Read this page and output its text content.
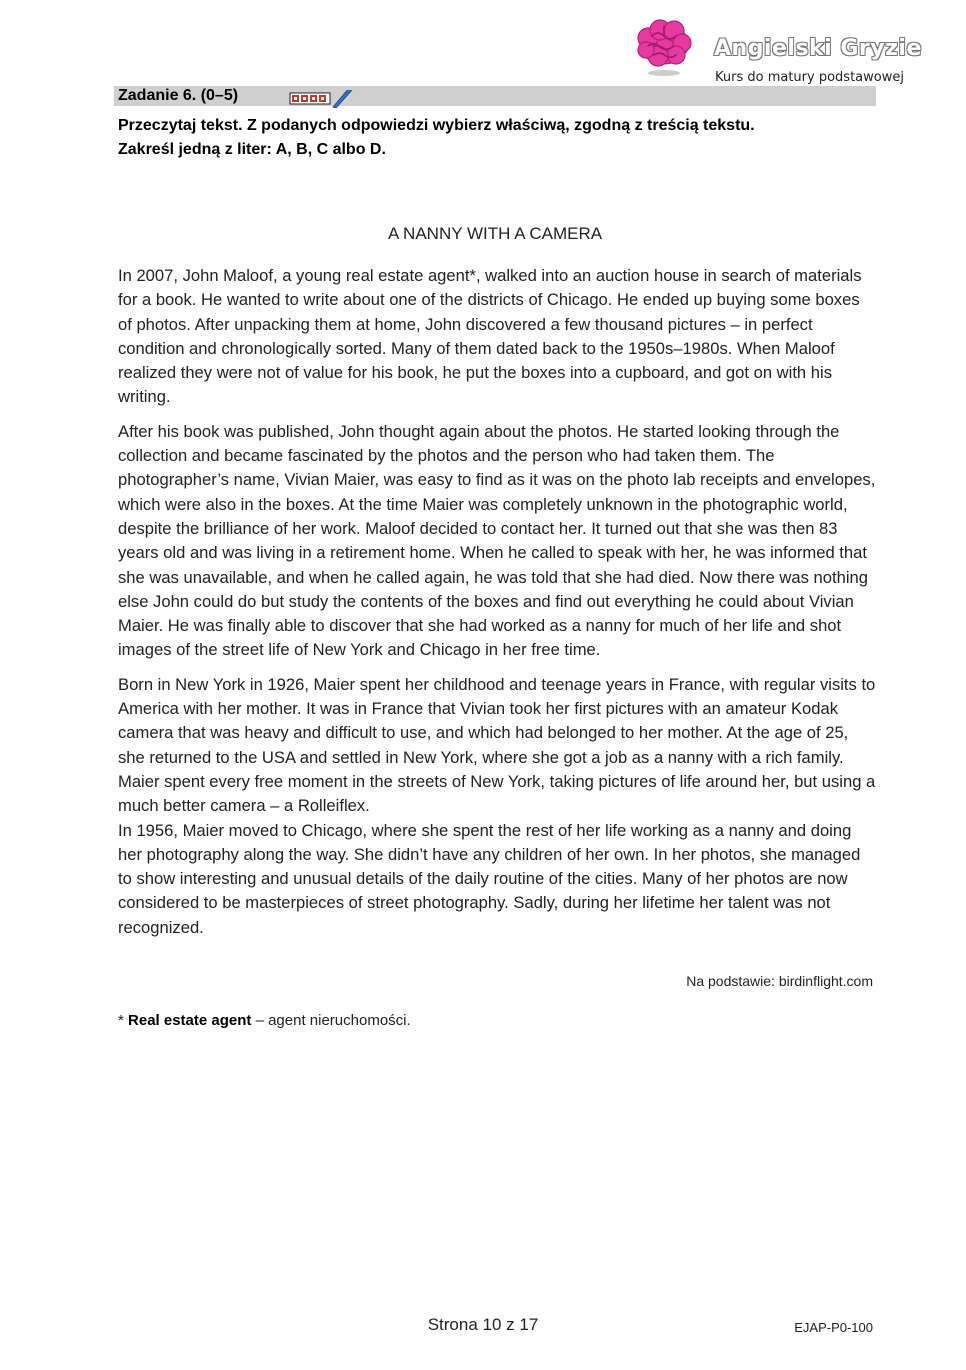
Angielski Gryzie
Kurs do matury podstawowej
Zadanie 6. (0–5)
Przeczytaj tekst. Z podanych odpowiedzi wybierz właściwą, zgodną z treścią tekstu.
Zakreśl jedną z liter: A, B, C albo D.
A NANNY WITH A CAMERA

In 2007, John Maloof, a young real estate agent*, walked into an auction house in search of materials for a book. He wanted to write about one of the districts of Chicago. He ended up buying some boxes of photos. After unpacking them at home, John discovered a few thousand pictures – in perfect condition and chronologically sorted. Many of them dated back to the 1950s–1980s. When Maloof realized they were not of value for his book, he put the boxes into a cupboard, and got on with his writing.

After his book was published, John thought again about the photos. He started looking through the collection and became fascinated by the photos and the person who had taken them. The photographer’s name, Vivian Maier, was easy to find as it was on the photo lab receipts and envelopes, which were also in the boxes. At the time Maier was completely unknown in the photographic world, despite the brilliance of her work. Maloof decided to contact her. It turned out that she was then 83 years old and was living in a retirement home. When he called to speak with her, he was informed that she was unavailable, and when he called again, he was told that she had died. Now there was nothing else John could do but study the contents of the boxes and find out everything he could about Vivian Maier. He was finally able to discover that she had worked as a nanny for much of her life and shot images of the street life of New York and Chicago in her free time.

Born in New York in 1926, Maier spent her childhood and teenage years in France, with regular visits to America with her mother. It was in France that Vivian took her first pictures with an amateur Kodak camera that was heavy and difficult to use, and which had belonged to her mother. At the age of 25, she returned to the USA and settled in New York, where she got a job as a nanny with a rich family. Maier spent every free moment in the streets of New York, taking pictures of life around her, but using a much better camera – a Rolleiflex.

In 1956, Maier moved to Chicago, where she spent the rest of her life working as a nanny and doing her photography along the way. She didn’t have any children of her own. In her photos, she managed to show interesting and unusual details of the daily routine of the cities. Many of her photos are now considered to be masterpieces of street photography. Sadly, during her lifetime her talent was not recognized.

Na podstawie: birdinflight.com
* Real estate agent – agent nieruchomości.
Strona 10 z 17	EJAP-P0-100
